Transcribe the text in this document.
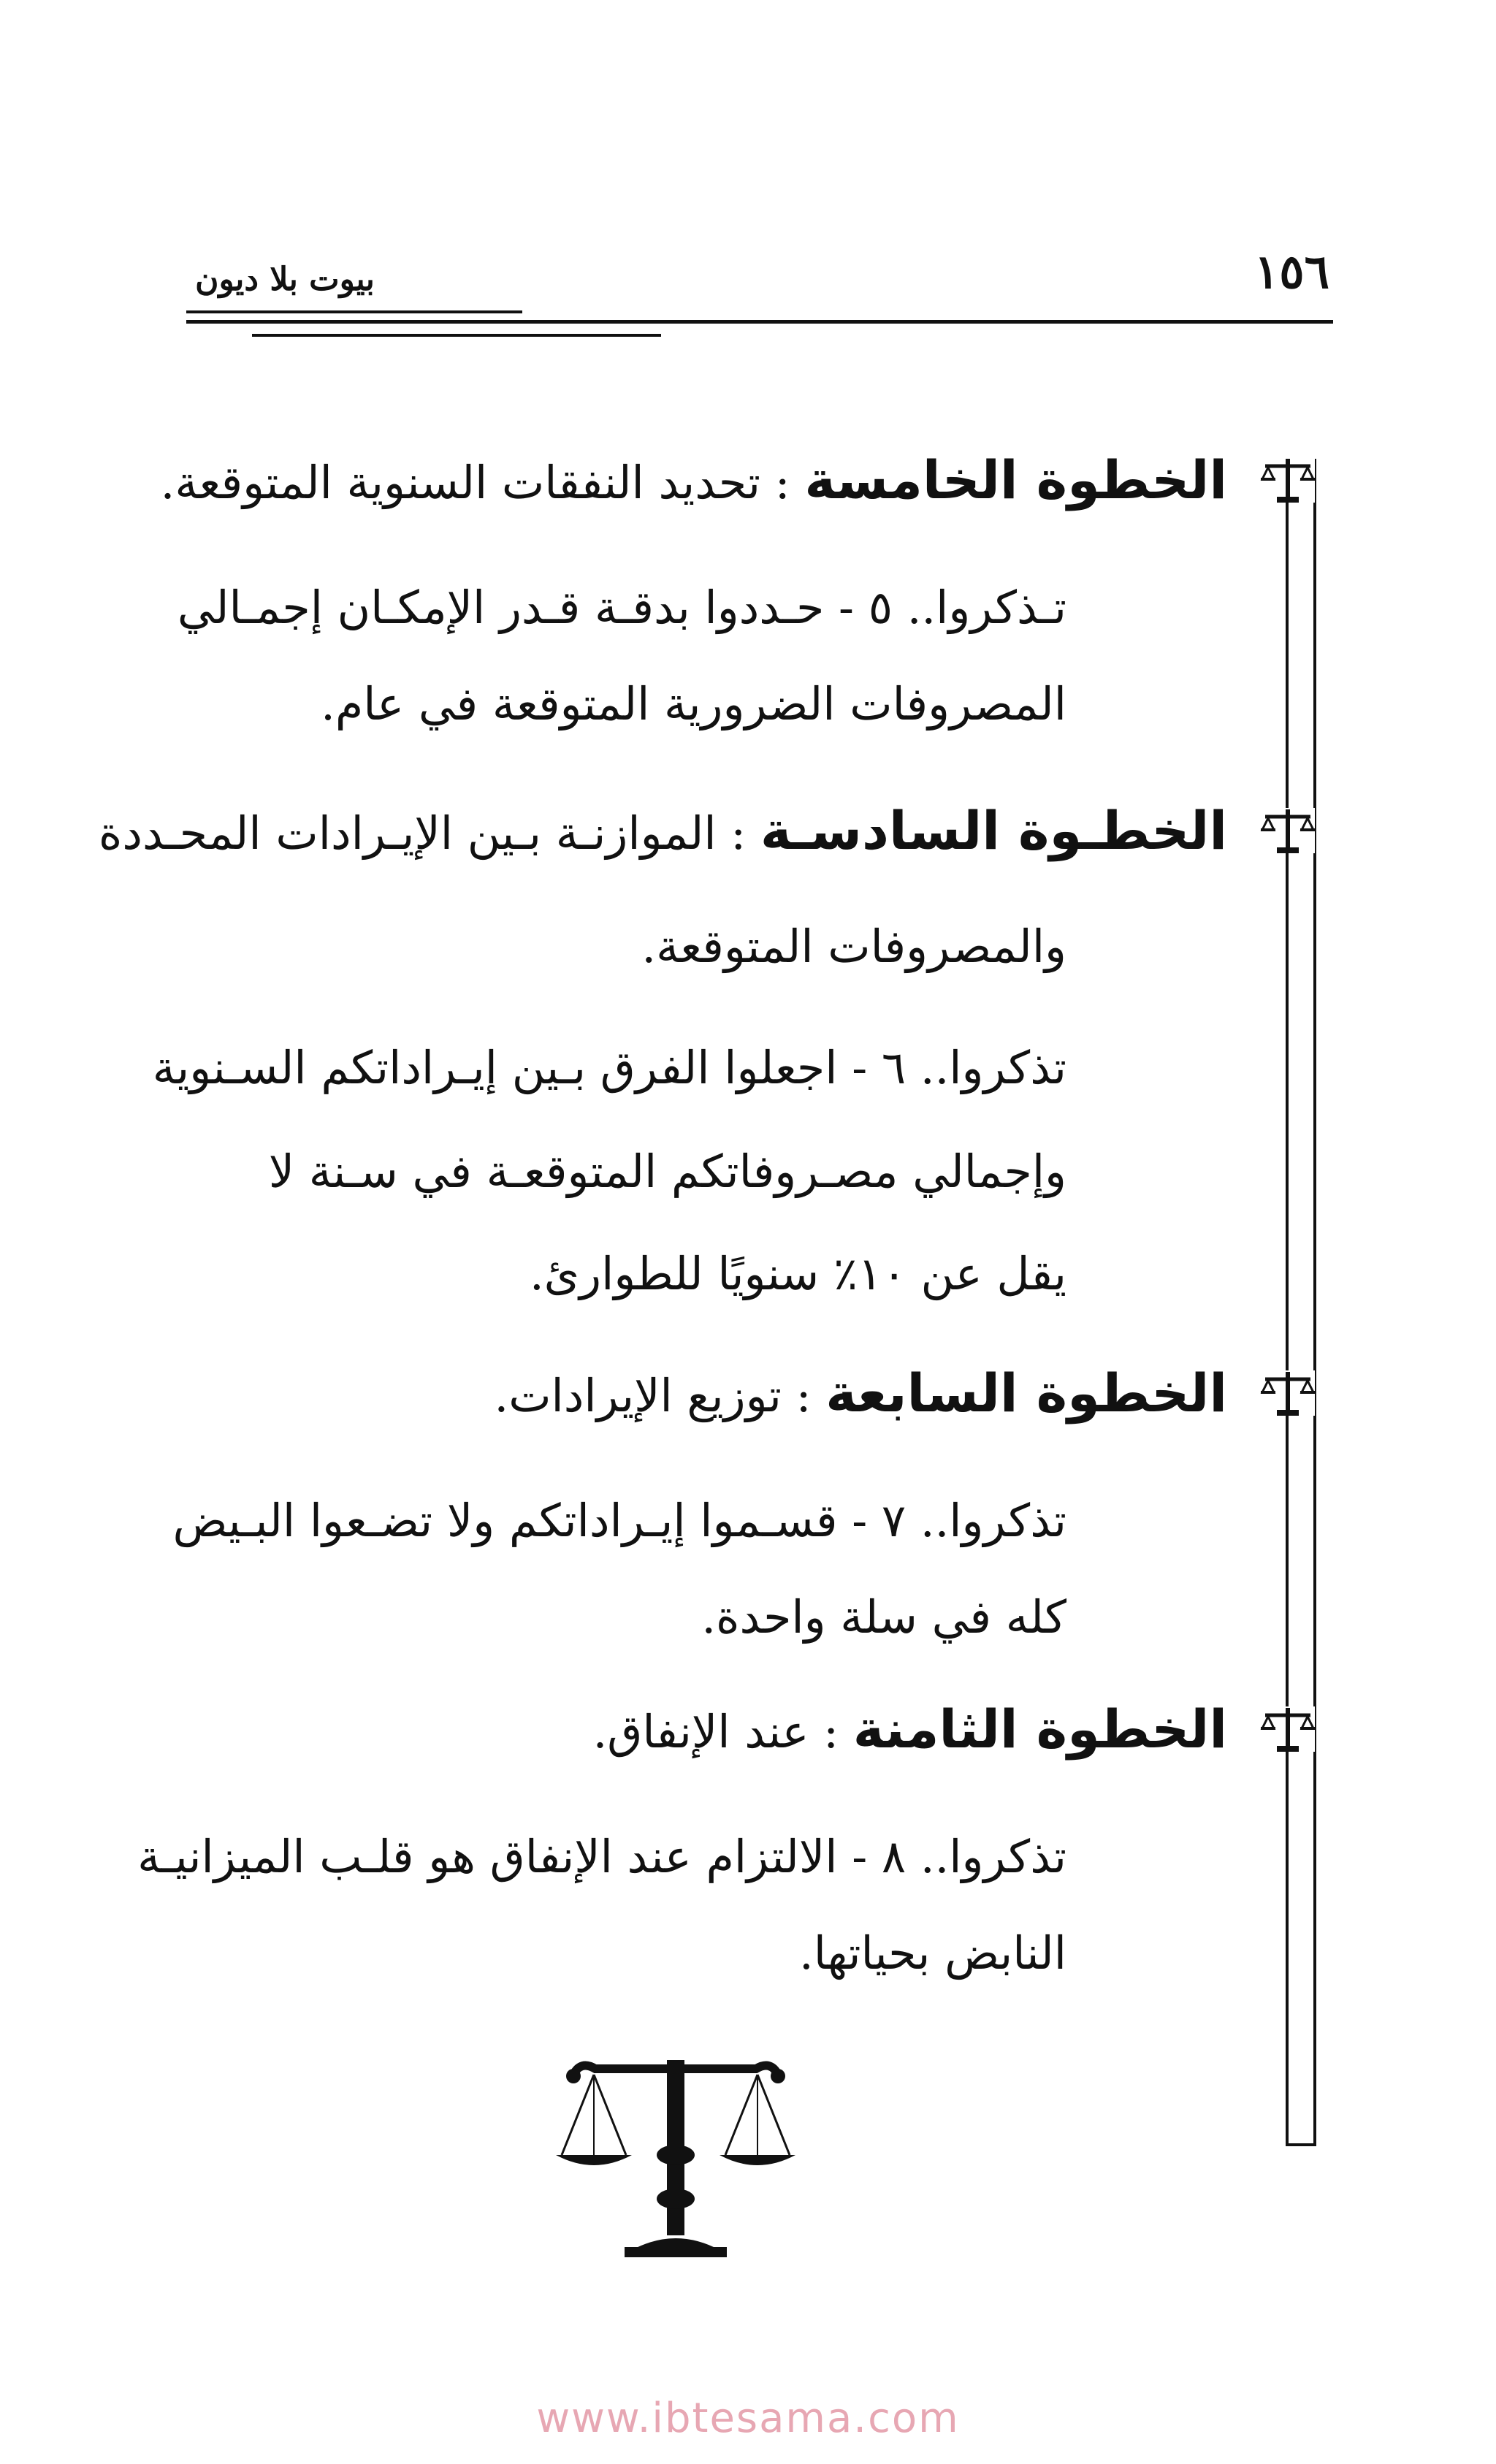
١٥٦
بيوت بلا ديون
الخطوة الخامسة : تحديد النفقات السنوية المتوقعة.
تـذكروا.. ٥ - حـددوا بدقـة قـدر الإمكـان إجمـالي
المصروفات الضرورية المتوقعة في عام.
الخطـوة السادسـة : الموازنـة بـين الإيـرادات المحـددة
والمصروفات المتوقعة.
تذكروا.. ٦ - اجعلوا الفرق بـين إيـراداتكم السـنوية
وإجمالي مصـروفاتكم المتوقعـة في سـنة لا
يقل عن ١٠٪ سنويًا للطوارئ.
الخطوة السابعة : توزيع الإيرادات.
تذكروا.. ٧ - قسـموا إيـراداتكم ولا تضـعوا البـيض
كله في سلة واحدة.
الخطوة الثامنة : عند الإنفاق.
تذكروا.. ٨ - الالتزام عند الإنفاق هو قلـب الميزانيـة
النابض بحياتها.
www.ibtesama.com
